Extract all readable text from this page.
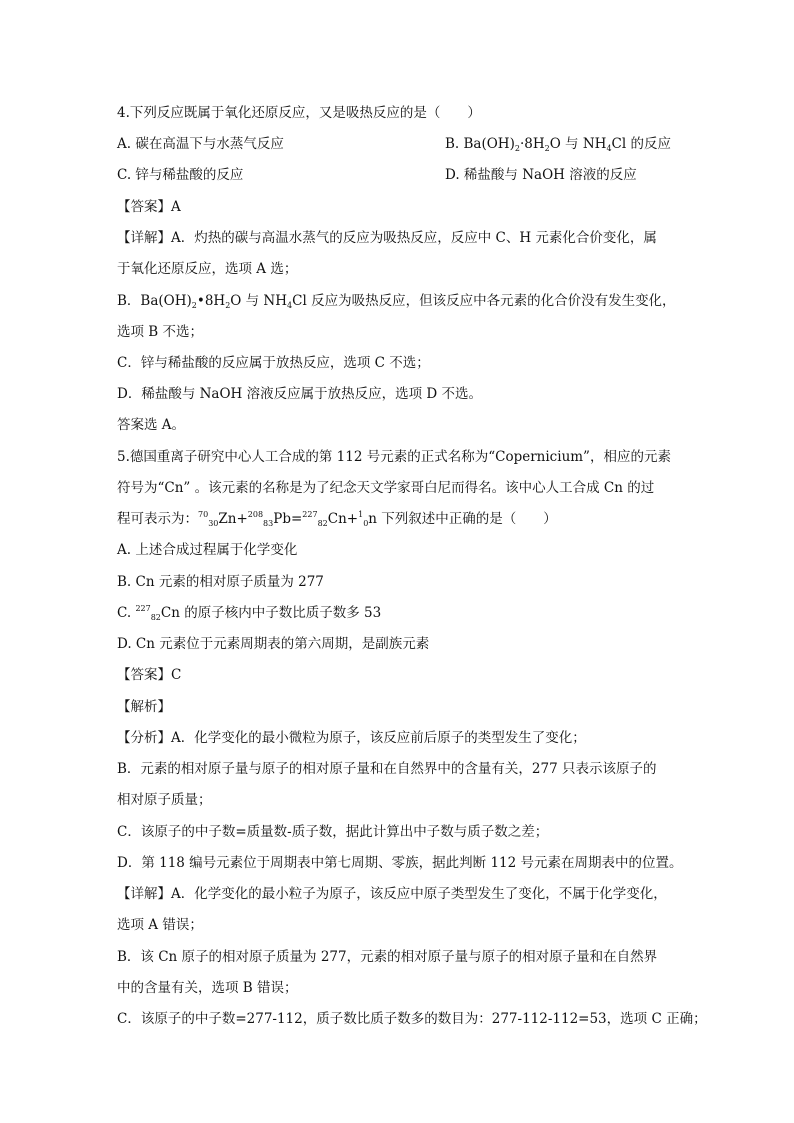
4.下列反应既属于氧化还原反应，又是吸热反应的是（　　）
A. 碳在高温下与水蒸气反应	B. $Ba(OH)_2\cdot 8H_2O$ 与 $NH_4Cl$ 的反应
C. 锌与稀盐酸的反应	D. 稀盐酸与 NaOH 溶液的反应
【答案】A
【详解】A．灼热的碳与高温水蒸气的反应为吸热反应，反应中 C、H 元素化合价变化，属
于氧化还原反应，选项 A 选；
B．$Ba(OH)_2•8H_2O$ 与 $NH_4Cl$ 反应为吸热反应，但该反应中各元素的化合价没有发生变化，
选项 B 不选；
C．锌与稀盐酸的反应属于放热反应，选项 C 不选；
D．稀盐酸与 NaOH 溶液反应属于放热反应，选项 D 不选。
答案选 A。
5.德国重离子研究中心人工合成的第 112 号元素的正式名称为“Copernicium”，相应的元素
符号为“Cn” 。该元素的名称是为了纪念天文学家哥白尼而得名。该中心人工合成 Cn 的过
程可表示为：$^{70}_{30}$Zn+$^{208}_{83}$Pb=$^{227}_{82}$Cn+$^1_0$n 下列叙述中正确的是（　　）
A. 上述合成过程属于化学变化
B. Cn 元素的相对原子质量为 277
C. $^{227}_{82}$Cn 的原子核内中子数比质子数多 53
D. Cn 元素位于元素周期表的第六周期，是副族元素
【答案】C
【解析】
【分析】A．化学变化的最小微粒为原子，该反应前后原子的类型发生了变化；
B．元素的相对原子量与原子的相对原子量和在自然界中的含量有关，277 只表示该原子的
相对原子质量；
C．该原子的中子数=质量数-质子数，据此计算出中子数与质子数之差；
D．第 118 编号元素位于周期表中第七周期、零族，据此判断 112 号元素在周期表中的位置。
【详解】A．化学变化的最小粒子为原子，该反应中原子类型发生了变化，不属于化学变化，
选项 A 错误；
B．该 Cn 原子的相对原子质量为 277，元素的相对原子量与原子的相对原子量和在自然界
中的含量有关，选项 B 错误；
C．该原子的中子数=277-112，质子数比质子数多的数目为：277-112-112=53，选项 C 正确；
